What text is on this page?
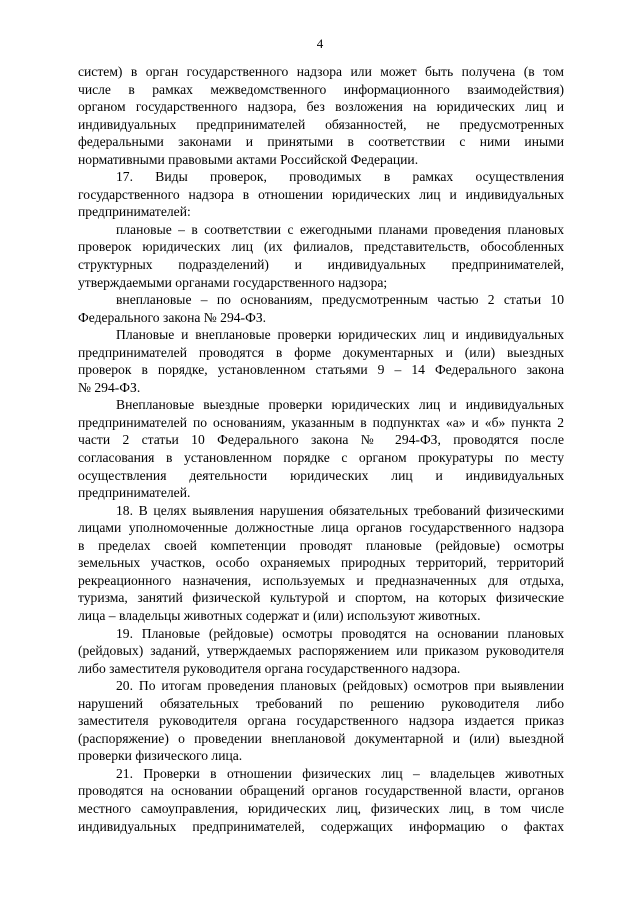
4

систем) в орган государственного надзора или может быть получена (в том
числе в рамках межведомственного информационного взаимодействия)
органом государственного надзора, без возложения на юридических лиц и
индивидуальных предпринимателей обязанностей, не предусмотренных
федеральными законами и принятыми в соответствии с ними иными
нормативными правовыми актами Российской Федерации.

17. Виды проверок, проводимых в рамках осуществления
государственного надзора в отношении юридических лиц и индивидуальных
предпринимателей:

плановые – в соответствии с ежегодными планами проведения плановых
проверок юридических лиц (их филиалов, представительств, обособленных
структурных подразделений) и индивидуальных предпринимателей,
утверждаемыми органами государственного надзора;

внеплановые – по основаниям, предусмотренным частью 2 статьи 10
Федерального закона № 294-ФЗ.

Плановые и внеплановые проверки юридических лиц и индивидуальных
предпринимателей проводятся в форме документарных и (или) выездных
проверок в порядке, установленном статьями 9 – 14 Федерального закона
№ 294-ФЗ.

Внеплановые выездные проверки юридических лиц и индивидуальных
предпринимателей по основаниям, указанным в подпунктах «а» и «б» пункта 2
части 2 статьи 10 Федерального закона № 294-ФЗ, проводятся после
согласования в установленном порядке с органом прокуратуры по месту
осуществления деятельности юридических лиц и индивидуальных
предпринимателей.

18. В целях выявления нарушения обязательных требований физическими
лицами уполномоченные должностные лица органов государственного надзора
в пределах своей компетенции проводят плановые (рейдовые) осмотры
земельных участков, особо охраняемых природных территорий, территорий
рекреационного назначения, используемых и предназначенных для отдыха,
туризма, занятий физической культурой и спортом, на которых физические
лица – владельцы животных содержат и (или) используют животных.

19. Плановые (рейдовые) осмотры проводятся на основании плановых
(рейдовых) заданий, утверждаемых распоряжением или приказом руководителя
либо заместителя руководителя органа государственного надзора.

20. По итогам проведения плановых (рейдовых) осмотров при выявлении
нарушений обязательных требований по решению руководителя либо
заместителя руководителя органа государственного надзора издается приказ
(распоряжение) о проведении внеплановой документарной и (или) выездной
проверки физического лица.

21. Проверки в отношении физических лиц – владельцев животных
проводятся на основании обращений органов государственной власти, органов
местного самоуправления, юридических лиц, физических лиц, в том числе
индивидуальных предпринимателей, содержащих информацию о фактах
